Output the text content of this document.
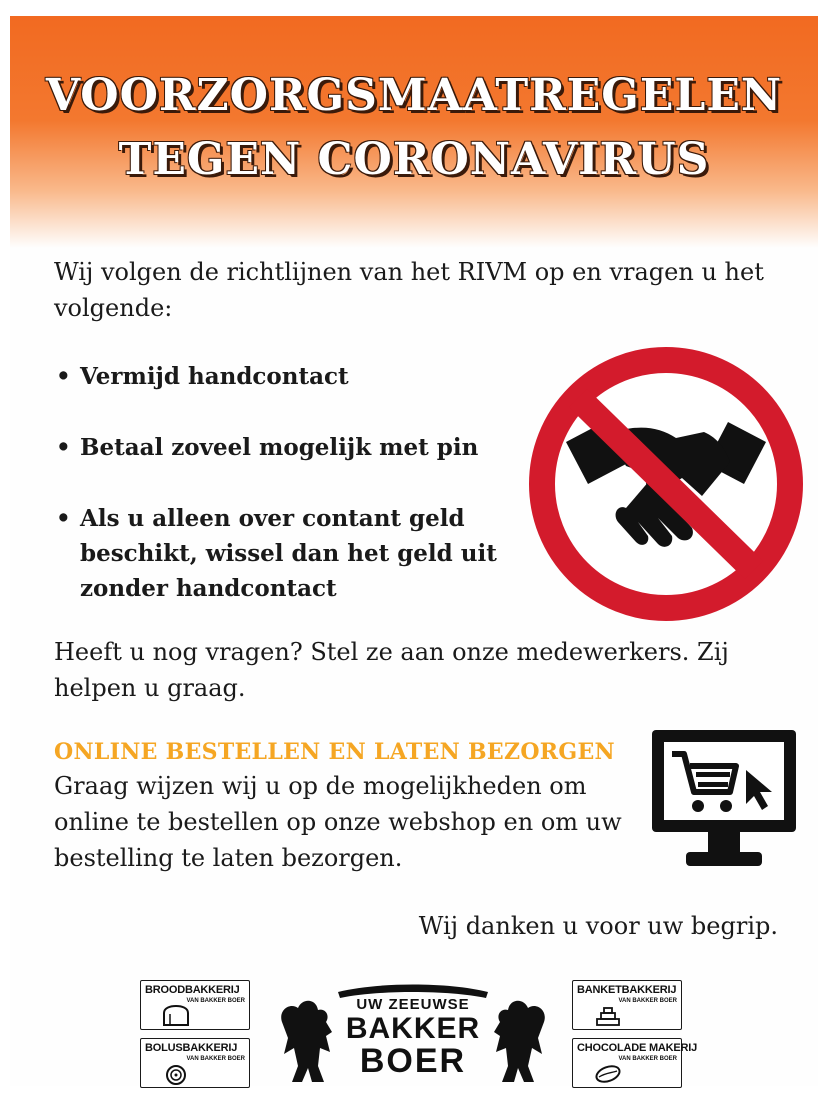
VOORZORGSMAATREGELEN
TEGEN CORONAVIRUS

Wij volgen de richtlijnen van het RIVM op en vragen u het volgende:

• Vermijd handcontact
• Betaal zoveel mogelijk met pin
• Als u alleen over contant geld beschikt, wissel dan het geld uit zonder handcontact

Heeft u nog vragen? Stel ze aan onze medewerkers. Zij helpen u graag.

ONLINE BESTELLEN EN LATEN BEZORGEN

Graag wijzen wij u op de mogelijkheden om online te bestellen op onze webshop en om uw bestelling te laten bezorgen.

Wij danken u voor uw begrip.

BROODBAKKERIJ
VAN BAKKER BOER
BOLUSBAKKERIJ
VAN BAKKER BOER
UW ZEEUWSE
BAKKER
BOER
BANKETBAKKERIJ
VAN BAKKER BOER
CHOCOLADE MAKERIJ
VAN BAKKER BOER
